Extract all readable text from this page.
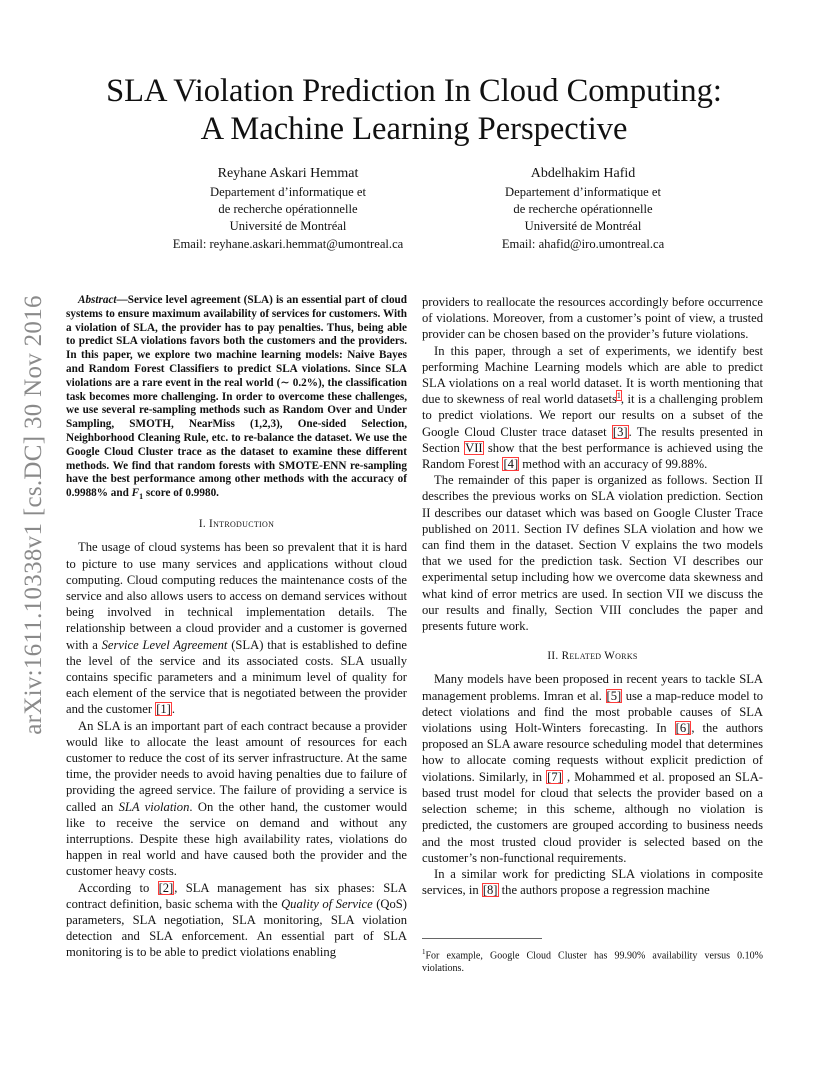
SLA Violation Prediction In Cloud Computing:
A Machine Learning Perspective
Reyhane Askari Hemmat
Departement d’informatique et
de recherche opérationnelle
Université de Montréal
Email: reyhane.askari.hemmat@umontreal.ca
Abdelhakim Hafid
Departement d’informatique et
de recherche opérationnelle
Université de Montréal
Email: ahafid@iro.umontreal.ca
arXiv:1611.10338v1 [cs.DC] 30 Nov 2016	Abstract—Service level agreement (SLA) is an essential part of cloud systems to ensure maximum availability of services for customers. With a violation of SLA, the provider has to pay penalties. Thus, being able to predict SLA violations favors both the customers and the providers. In this paper, we explore two machine learning models: Naive Bayes and Random Forest Classifiers to predict SLA violations. Since SLA violations are a rare event in the real world (∼ 0.2%), the classification task becomes more challenging. In order to overcome these challenges, we use several re-sampling methods such as Random Over and Under Sampling, SMOTH, NearMiss (1,2,3), One-sided Selection, Neighborhood Cleaning Rule, etc. to re-balance the dataset. We use the Google Cloud Cluster trace as the dataset to examine these different methods. We find that random forests with SMOTE-ENN re-sampling have the best performance among other methods with the accuracy of 0.9988% and $F_1$ score of 0.9980.

I. Introduction

The usage of cloud systems has been so prevalent that it is hard to picture to use many services and applications without cloud computing. Cloud computing reduces the maintenance costs of the service and also allows users to access on demand services without being involved in technical implementation details. The relationship between a cloud provider and a customer is governed with a Service Level Agreement (SLA) that is established to define the level of the service and its associated costs. SLA usually contains specific parameters and a minimum level of quality for each element of the service that is negotiated between the provider and the customer [1].

An SLA is an important part of each contract because a provider would like to allocate the least amount of resources for each customer to reduce the cost of its server infrastructure. At the same time, the provider needs to avoid having penalties due to failure of providing the agreed service. The failure of providing a service is called an SLA violation. On the other hand, the customer would like to receive the service on demand and without any interruptions. Despite these high availability rates, violations do happen in real world and have caused both the provider and the customer heavy costs.

According to [2], SLA management has six phases: SLA contract definition, basic schema with the Quality of Service (QoS) parameters, SLA negotiation, SLA monitoring, SLA violation detection and SLA enforcement. An essential part of SLA monitoring is to be able to predict violations enabling

providers to reallocate the resources accordingly before occurrence of violations. Moreover, from a customer’s point of view, a trusted provider can be chosen based on the provider’s future violations.

In this paper, through a set of experiments, we identify best performing Machine Learning models which are able to predict SLA violations on a real world dataset. It is worth mentioning that due to skewness of real world datasets$^1$, it is a challenging problem to predict violations. We report our results on a subset of the Google Cloud Cluster trace dataset [3]. The results presented in Section VII show that the best performance is achieved using the Random Forest [4] method with an accuracy of 99.88%.

The remainder of this paper is organized as follows. Section II describes the previous works on SLA violation prediction. Section II describes our dataset which was based on Google Cluster Trace published on 2011. Section IV defines SLA violation and how we can find them in the dataset. Section V explains the two models that we used for the prediction task. Section VI describes our experimental setup including how we overcome data skewness and what kind of error metrics are used. In section VII we discuss the our results and finally, Section VIII concludes the paper and presents future work.

II. Related Works

Many models have been proposed in recent years to tackle SLA management problems. Imran et al. [5] use a map-reduce model to detect violations and find the most probable causes of SLA violations using Holt-Winters forecasting. In [6], the authors proposed an SLA aware resource scheduling model that determines how to allocate coming requests without explicit prediction of violations. Similarly, in [7] , Mohammed et al. proposed an SLA-based trust model for cloud that selects the provider based on a selection scheme; in this scheme, although no violation is predicted, the customers are grouped according to business needs and the most trusted cloud provider is selected based on the customer’s non-functional requirements.

In a similar work for predicting SLA violations in composite services, in [8] the authors propose a regression machine

$^1$For example, Google Cloud Cluster has 99.90% availability versus 0.10% violations.
